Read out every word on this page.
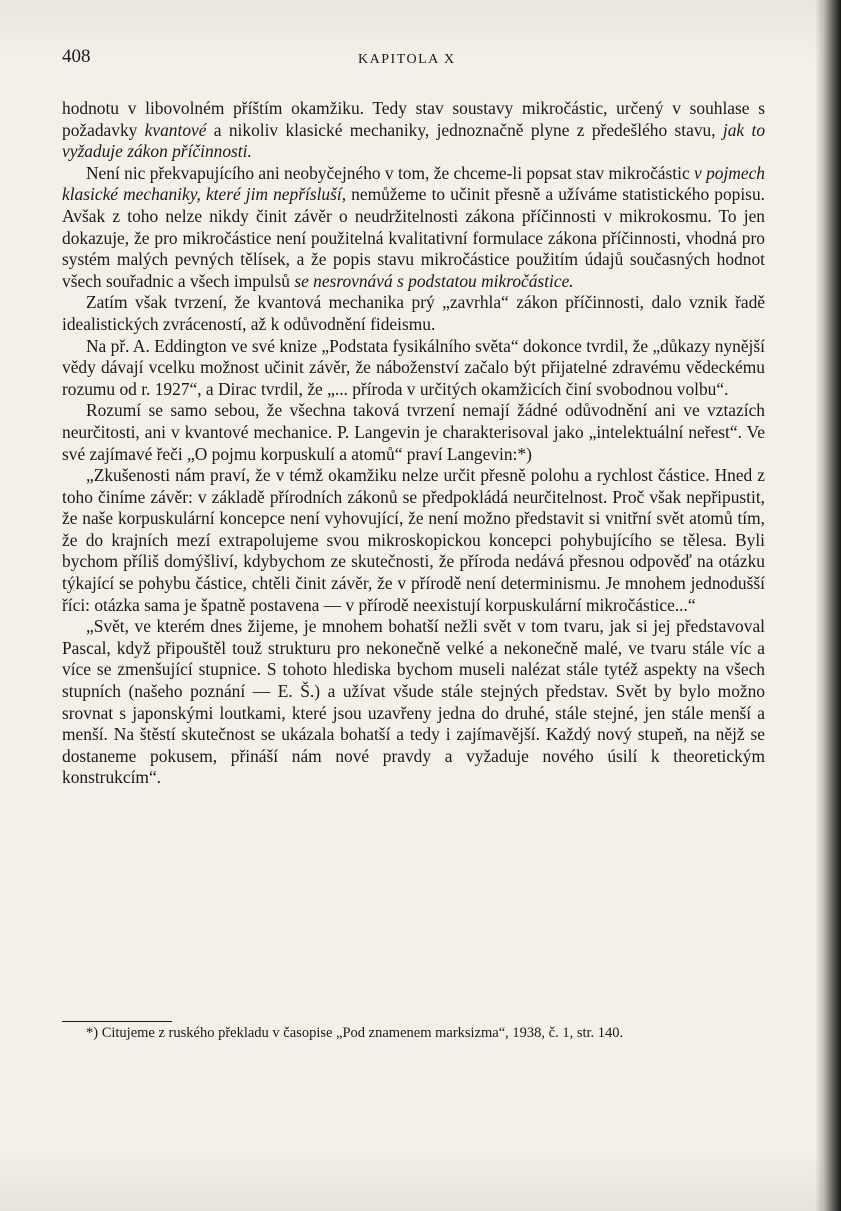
408	KAPITOLA X

hodnotu v libovolném příštím okamžiku. Tedy stav soustavy mikročástic, určený v souhlase s požadavky kvantové a nikoliv klasické mechaniky, jednoznačně plyne z předešlého stavu, jak to vyžaduje zákon příčinnosti.

Není nic překvapujícího ani neobyčejného v tom, že chceme-li popsat stav mikročástic v pojmech klasické mechaniky, které jim nepřísluší, nemůžeme to učinit přesně a užíváme statistického popisu. Avšak z toho nelze nikdy činit závěr o neudržitelnosti zákona příčinnosti v mikrokosmu. To jen dokazuje, že pro mikročástice není použitelná kvalitativní formulace zákona příčinnosti, vhodná pro systém malých pevných tělísek, a že popis stavu mikročástice použitím údajů současných hodnot všech souřadnic a všech impulsů se nesrovnává s podstatou mikročástice.

Zatím však tvrzení, že kvantová mechanika prý „zavrhla“ zákon příčinnosti, dalo vznik řadě idealistických zvráceností, až k odůvodnění fideismu.

Na př. A. Eddington ve své knize „Podstata fysikálního světa“ dokonce tvrdil, že „důkazy nynější vědy dávají vcelku možnost učinit závěr, že náboženství začalo být přijatelné zdravému vědeckému rozumu od r. 1927“, a Dirac tvrdil, že „... příroda v určitých okamžicích činí svobodnou volbu“.

Rozumí se samo sebou, že všechna taková tvrzení nemají žádné odůvodnění ani ve vztazích neurčitosti, ani v kvantové mechanice. P. Langevin je charakterisoval jako „intelektuální neřest“. Ve své zajímavé řeči „O pojmu korpuskulí a atomů“ praví Langevin:*)

„Zkušenosti nám praví, že v témž okamžiku nelze určit přesně polohu a rychlost částice. Hned z toho činíme závěr: v základě přírodních zákonů se předpokládá neurčitelnost. Proč však nepřipustit, že naše korpuskulární koncepce není vyhovující, že není možno představit si vnitřní svět atomů tím, že do krajních mezí extrapolujeme svou mikroskopickou koncepci pohybujícího se tělesa. Byli bychom příliš domýšliví, kdybychom ze skutečnosti, že příroda nedává přesnou odpověď na otázku týkající se pohybu částice, chtěli činit závěr, že v přírodě není determinismu. Je mnohem jednodušší říci: otázka sama je špatně postavena — v přírodě neexistují korpuskulární mikročástice...“

„Svět, ve kterém dnes žijeme, je mnohem bohatší nežli svět v tom tvaru, jak si jej představoval Pascal, když připouštěl touž strukturu pro nekonečně velké a nekonečně malé, ve tvaru stále víc a více se zmenšující stupnice. S tohoto hlediska bychom museli nalézat stále tytéž aspekty na všech stupních (našeho poznání — E. Š.) a užívat všude stále stejných představ. Svět by bylo možno srovnat s japonskými loutkami, které jsou uzavřeny jedna do druhé, stále stejné, jen stále menší a menší. Na štěstí skutečnost se ukázala bohatší a tedy i zajímavější. Každý nový stupeň, na nějž se dostaneme pokusem, přináší nám nové pravdy a vyžaduje nového úsilí k theoretickým konstrukcím“.

*) Citujeme z ruského překladu v časopise „Pod znamenem marksizma“, 1938, č. 1, str. 140.
